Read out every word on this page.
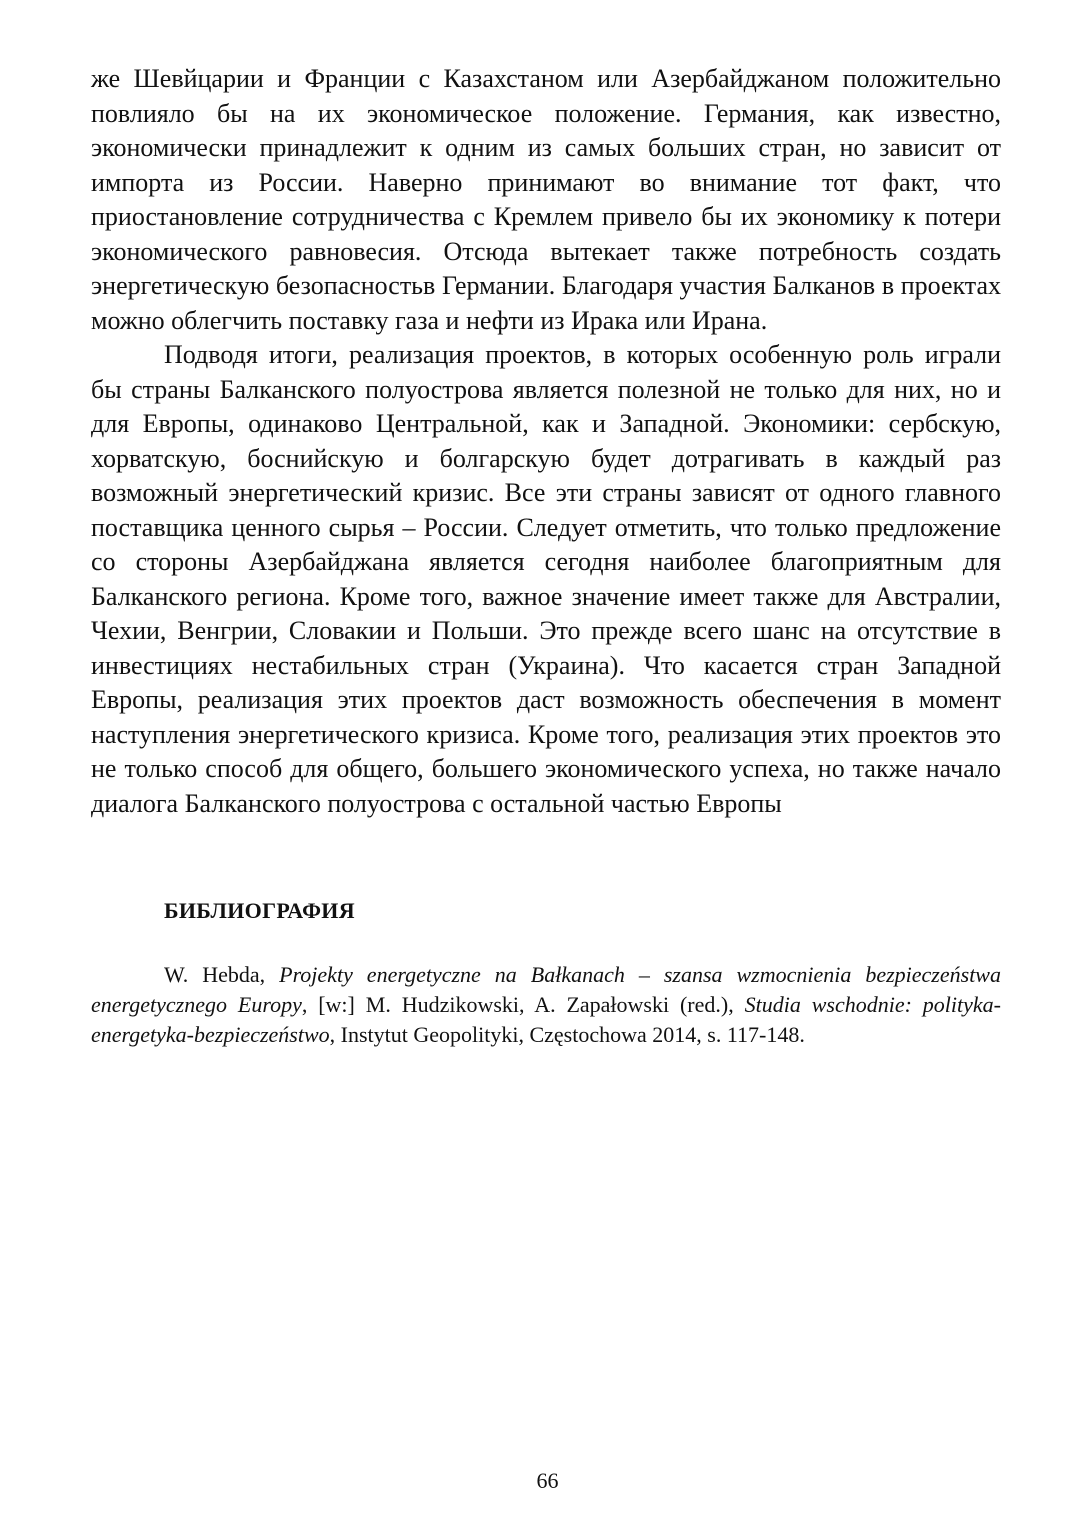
же Шевйцарии и Франции с Казахстаном или Азербайджаном положительно повлияло бы на их экономическое положение. Германия, как известно, экономически принадлежит к одним из самых больших стран, но зависит от импорта из России. Наверно принимают во внимание тот факт, что приостановление сотрудничества с Кремлем привело бы их экономику к потери экономического равновесия. Отсюда вытекает также потребность создать энергетическую безопасностьв Германии. Благодаря участия Балканов в проектах можно облегчить поставку газа и нефти из Ирака или Ирана.

Подводя итоги, реализация проектов, в которых особенную роль играли бы страны Балканского полуострова является полезной не только для них, но и для Европы, одинаково Центральной, как и Западной. Экономики: сербскую, хорватскую, боснийскую и болгарскую будет дотрагивать в каждый раз возможный энергетический кризис. Все эти страны зависят от одного главного поставщика ценного сырья – России. Следует отметить, что только предложение со стороны Азербайджана является сегодня наиболее благоприятным для Балканского региона. Кроме того, важное значение имеет также для Австралии, Чехии, Венгрии, Словакии и Польши. Это прежде всего шанс на отсутствие в инвестициях нестабильных стран (Украина). Что касается стран Западной Европы, реализация этих проектов даст возможность обеспечения в момент наступления энергетического кризиса. Кроме того, реализация этих проектов это не только способ для общего, большего экономического успеха, но также начало диалога Балканского полуострова с остальной частью Европы

БИБЛИОГРАФИЯ

W. Hebda, Projekty energetyczne na Bałkanach – szansa wzmocnienia bezpieczeństwa energetycznego Europy, [w:] M. Hudzikowski, A. Zapałowski (red.), Studia wschodnie: polityka-energetyka-bezpieczeństwo, Instytut Geopolityki, Częstochowa 2014, s. 117-148.

66
